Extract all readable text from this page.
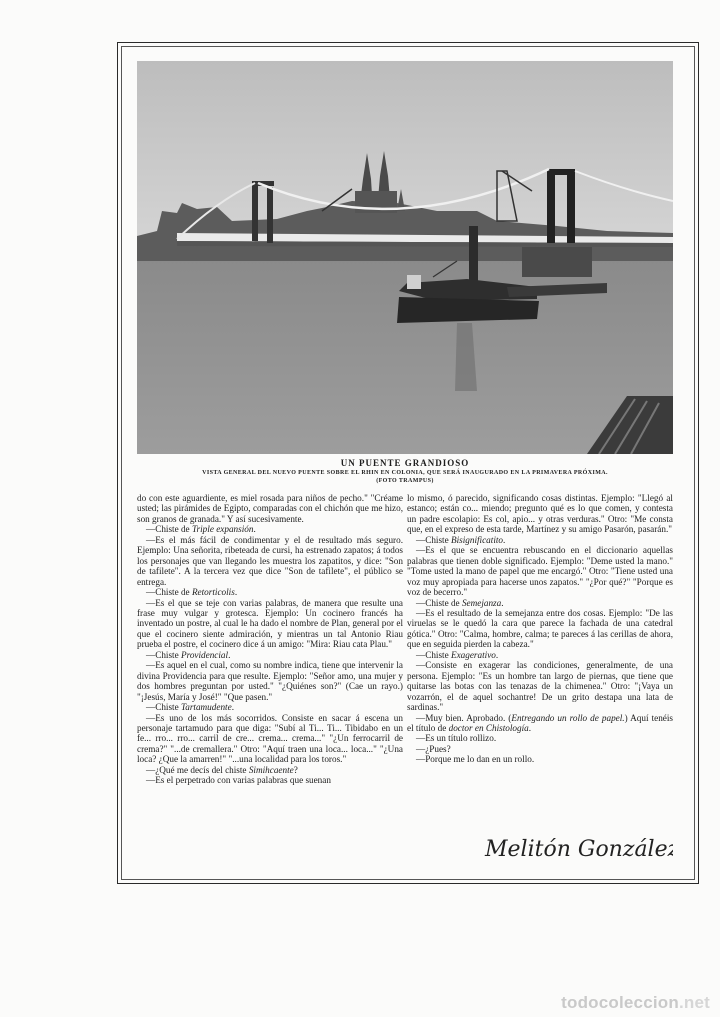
UN PUENTE GRANDIOSO
VISTA GENERAL DEL NUEVO PUENTE SOBRE EL RHIN EN COLONIA, QUE SERÁ INAUGURADO EN LA PRIMAVERA PRÓXIMA.
(FOTO TRAMPUS)

do con este aguardiente, es miel rosada para niños de pecho." "Créame usted; las pirámides de Egipto, comparadas con el chichón que me hizo, son granos de granada." Y así sucesivamente.

—Chiste de Triple expansión.

—Es el más fácil de condimentar y el de resultado más seguro. Ejemplo: Una señorita, ribeteada de cursi, ha estrenado zapatos; á todos los personajes que van llegando les muestra los zapatitos, y dice: "Son de tafilete". A la tercera vez que dice "Son de tafilete", el público se entrega.

—Chiste de Retorticolis.

—Es el que se teje con varias palabras, de manera que resulte una frase muy vulgar y grotesca. Ejemplo: Un cocinero francés ha inventado un postre, al cual le ha dado el nombre de Plan, general por el que el cocinero siente admiración, y mientras un tal Antonio Riau prueba el postre, el cocinero dice á un amigo: "Mira: Riau cata Plau."

—Chiste Providencial.

—Es aquel en el cual, como su nombre indica, tiene que intervenir la divina Providencia para que resulte. Ejemplo: "Señor amo, una mujer y dos hombres preguntan por usted." "¿Quiénes son?" (Cae un rayo.) "¡Jesús, María y José!" "Que pasen."

—Chiste Tartamudente.

—Es uno de los más socorridos. Consiste en sacar á escena un personaje tartamudo para que diga: "Subí al Ti... Ti... Tibidabo en un fe... rro... rro... carril de cre... crema... crema..." "¿Un ferrocarril de crema?" "...de cremallera." Otro: "Aquí traen una loca... loca..." "¿Una loca? ¿Que la amarren!" "...una localidad para los toros."

—¿Qué me decís del chiste Simihcaente?

—Es el perpetrado con varias palabras que suenan

lo mismo, ó parecido, significando cosas distintas. Ejemplo: "Llegó al estanco; están co... miendo; pregunto qué es lo que comen, y contesta un padre escolapio: Es col, apio... y otras verduras." Otro: "Me consta que, en el expreso de esta tarde, Martínez y su amigo Pasarón, pasarán."

—Chiste Bisignificatito.

—Es el que se encuentra rebuscando en el diccionario aquellas palabras que tienen doble significado. Ejemplo: "Deme usted la mano." "Tome usted la mano de papel que me encargó." Otro: "Tiene usted una voz muy apropiada para hacerse unos zapatos." "¿Por qué?" "Porque es voz de becerro."

—Chiste de Semejanza.

—Es el resultado de la semejanza entre dos cosas. Ejemplo: "De las viruelas se le quedó la cara que parece la fachada de una catedral gótica." Otro: "Calma, hombre, calma; te pareces á las cerillas de ahora, que en seguida pierden la cabeza."

—Chiste Exagerativo.

—Consiste en exagerar las condiciones, generalmente, de una persona. Ejemplo: "Es un hombre tan largo de piernas, que tiene que quitarse las botas con las tenazas de la chimenea." Otro: "¡Vaya un vozarrón, el de aquel sochantre! De un grito destapa una lata de sardinas."

—Muy bien. Aprobado. (Entregando un rollo de papel.) Aquí tenéis el título de doctor en Chistología.

—Es un título rollizo.

—¿Pues?

—Porque me lo dan en un rollo.

Melitón González
todocoleccion.net
